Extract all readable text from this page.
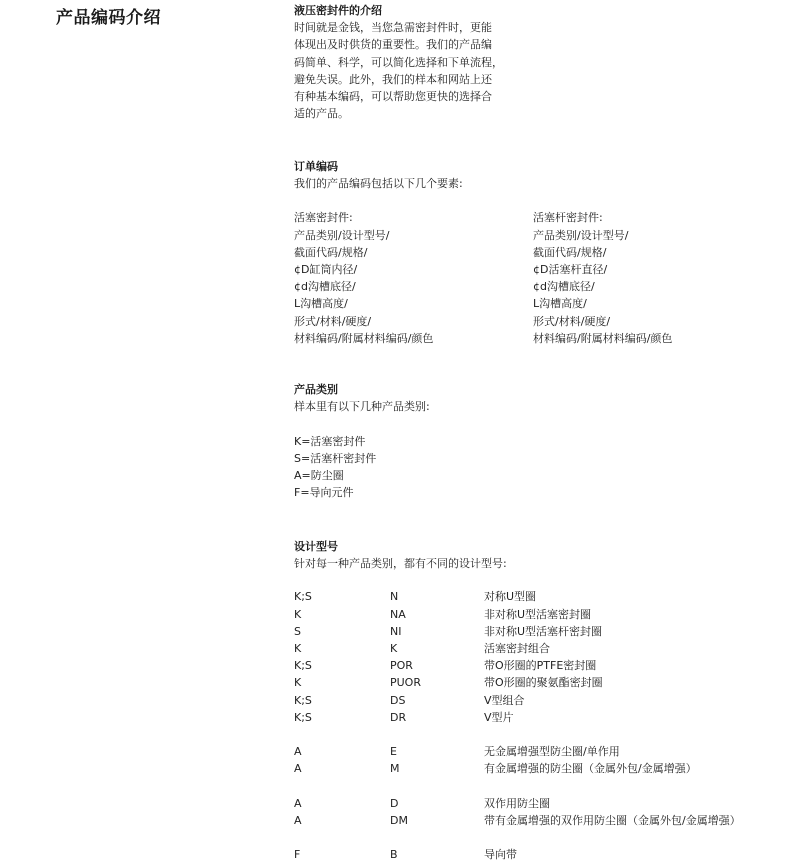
产品编码介绍	液压密封件的介绍
时间就是金钱，当您急需密封件时，更能
体现出及时供货的重要性。我们的产品编
码简单、科学，可以简化选择和下单流程，
避免失误。此外，我们的样本和网站上还
有种基本编码，可以帮助您更快的选择合
适的产品。
订单编码
我们的产品编码包括以下几个要素:
活塞密封件:
产品类别/设计型号/
截面代码/规格/
¢D缸筒内径/
¢d沟槽底径/
L沟槽高度/
形式/材料/硬度/
材料编码/附属材料编码/颜色
活塞杆密封件:
产品类别/设计型号/
截面代码/规格/
¢D活塞杆直径/
¢d沟槽底径/
L沟槽高度/
形式/材料/硬度/
材料编码/附属材料编码/颜色
产品类别
样本里有以下几种产品类别:
K=活塞密封件
S=活塞杆密封件
A=防尘圈
F=导向元件
设计型号
针对每一种产品类别，都有不同的设计型号:
K;S	N	对称U型圈
K	NA	非对称U型活塞密封圈
S	NI	非对称U型活塞杆密封圈
K	K	活塞密封组合
K;S	POR	带O形圈的PTFE密封圈
K	PUOR	带O形圈的聚氨酯密封圈
K;S	DS	V型组合
K;S	DR	V型片
A	E	无金属增强型防尘圈/单作用
A	M	有金属增强的防尘圈（金属外包/金属增强）
A	D	双作用防尘圈
A	DM	带有金属增强的双作用防尘圈（金属外包/金属增强）
F	B	导向带
